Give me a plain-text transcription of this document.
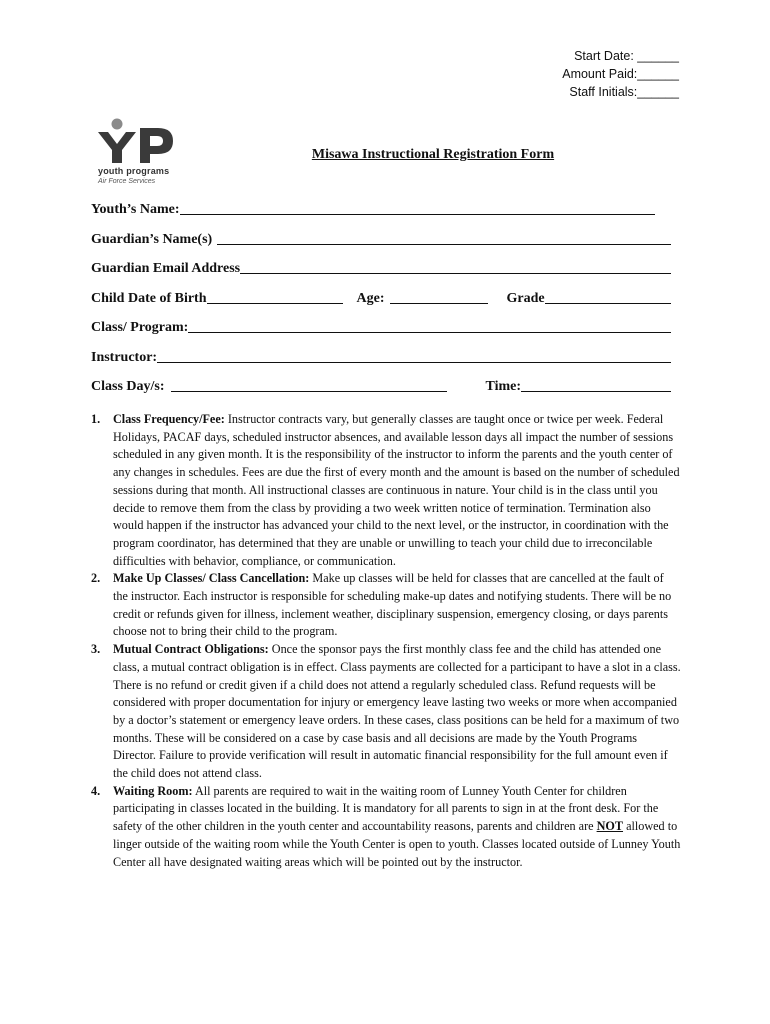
Start Date: ______
Amount Paid:______
Staff Initials:______
youth programs
Air Force Services
Misawa Instructional Registration Form
Youth’s Name:
Guardian’s Name(s)
Guardian Email Address
Child Date of Birth	Age:	Grade
Class/ Program:
Instructor:
Class Day/s:	Time:
1. Class Frequency/Fee: Instructor contracts vary, but generally classes are taught once or twice per week. Federal Holidays, PACAF days, scheduled instructor absences, and available lesson days all impact the number of sessions scheduled in any given month. It is the responsibility of the instructor to inform the parents and the youth center of any changes in schedules. Fees are due the first of every month and the amount is based on the number of scheduled sessions during that month. All instructional classes are continuous in nature. Your child is in the class until you decide to remove them from the class by providing a two week written notice of termination. Termination also would happen if the instructor has advanced your child to the next level, or the instructor, in coordination with the program coordinator, has determined that they are unable or unwilling to teach your child due to irreconcilable difficulties with behavior, compliance, or communication.
2. Make Up Classes/ Class Cancellation: Make up classes will be held for classes that are cancelled at the fault of the instructor. Each instructor is responsible for scheduling make-up dates and notifying students. There will be no credit or refunds given for illness, inclement weather, disciplinary suspension, emergency closing, or days parents choose not to bring their child to the program.
3. Mutual Contract Obligations: Once the sponsor pays the first monthly class fee and the child has attended one class, a mutual contract obligation is in effect. Class payments are collected for a participant to have a slot in a class. There is no refund or credit given if a child does not attend a regularly scheduled class. Refund requests will be considered with proper documentation for injury or emergency leave lasting two weeks or more when accompanied by a doctor’s statement or emergency leave orders. In these cases, class positions can be held for a maximum of two months. These will be considered on a case by case basis and all decisions are made by the Youth Programs Director. Failure to provide verification will result in automatic financial responsibility for the full amount even if the child does not attend class.
4. Waiting Room: All parents are required to wait in the waiting room of Lunney Youth Center for children participating in classes located in the building. It is mandatory for all parents to sign in at the front desk. For the safety of the other children in the youth center and accountability reasons, parents and children are NOT allowed to linger outside of the waiting room while the Youth Center is open to youth. Classes located outside of Lunney Youth Center all have designated waiting areas which will be pointed out by the instructor.
